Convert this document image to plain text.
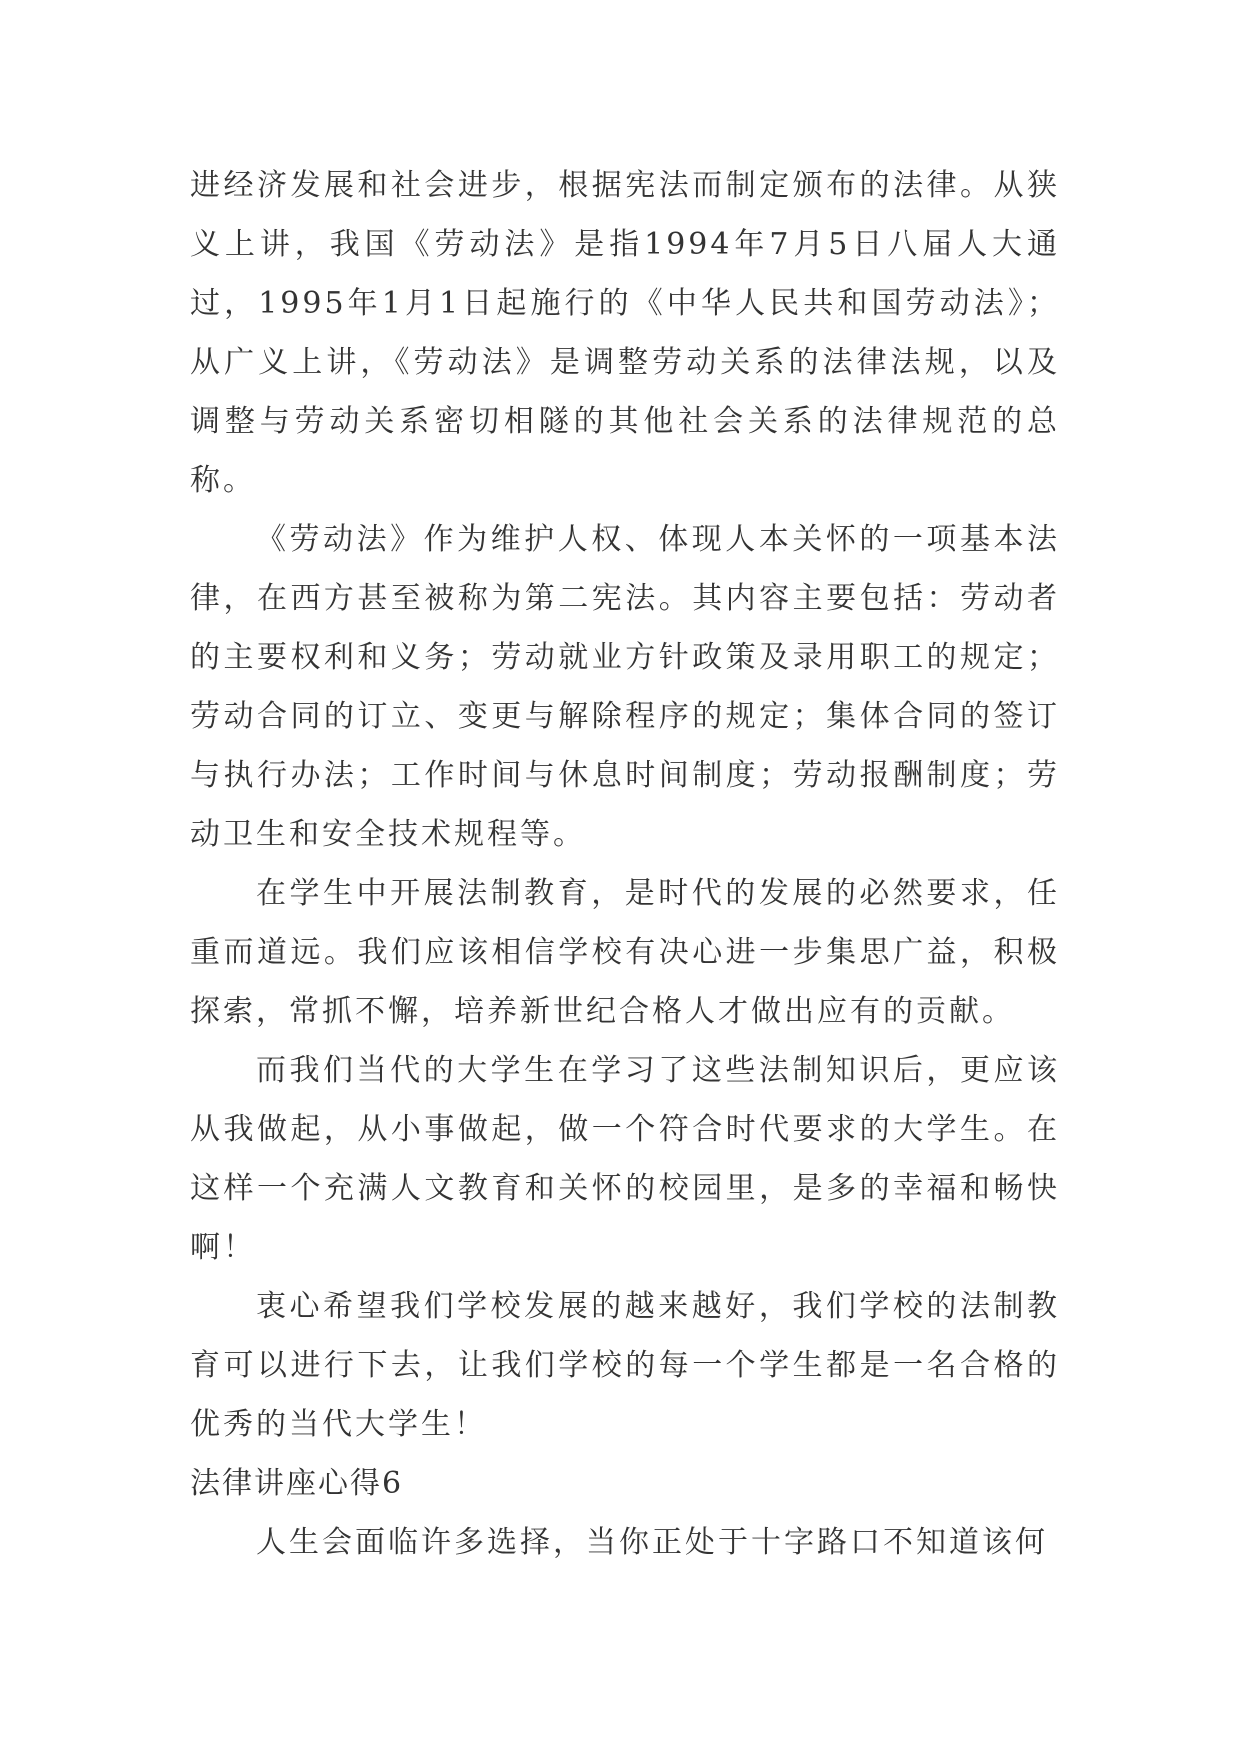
进经济发展和社会进步，根据宪法而制定颁布的法律。从狭义上讲，我国《劳动法》是指1994年7月5日八届人大通过，1995年1月1日起施行的《中华人民共和国劳动法》；从广义上讲，《劳动法》是调整劳动关系的法律法规，以及调整与劳动关系密切相隧的其他社会关系的法律规范的总称。

《劳动法》作为维护人权、体现人本关怀的一项基本法律，在西方甚至被称为第二宪法。其内容主要包括：劳动者的主要权利和义务；劳动就业方针政策及录用职工的规定；劳动合同的订立、变更与解除程序的规定；集体合同的签订与执行办法；工作时间与休息时间制度；劳动报酬制度；劳动卫生和安全技术规程等。

在学生中开展法制教育，是时代的发展的必然要求，任重而道远。我们应该相信学校有决心进一步集思广益，积极探索，常抓不懈，培养新世纪合格人才做出应有的贡献。

而我们当代的大学生在学习了这些法制知识后，更应该从我做起，从小事做起，做一个符合时代要求的大学生。在这样一个充满人文教育和关怀的校园里，是多的幸福和畅快啊！

衷心希望我们学校发展的越来越好，我们学校的法制教育可以进行下去，让我们学校的每一个学生都是一名合格的优秀的当代大学生！

法律讲座心得6

人生会面临许多选择，当你正处于十字路口不知道该何
